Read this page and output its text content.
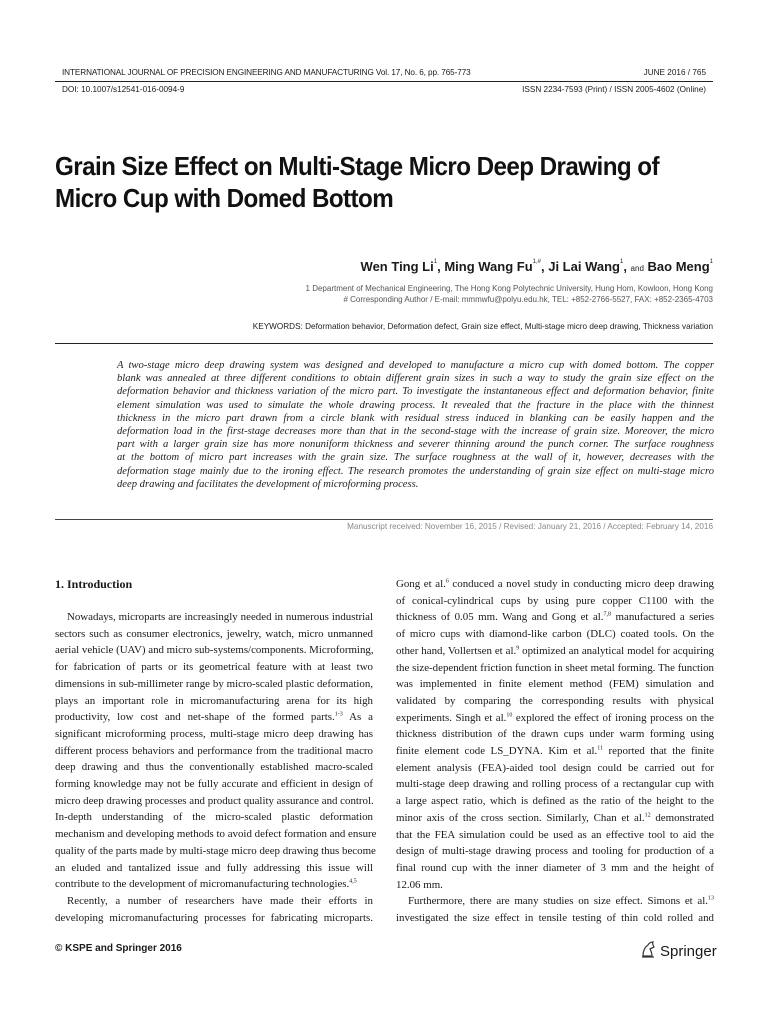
INTERNATIONAL JOURNAL OF PRECISION ENGINEERING AND MANUFACTURING Vol. 17, No. 6, pp. 765-773	JUNE 2016 / 765
DOI: 10.1007/s12541-016-0094-9	ISSN 2234-7593 (Print) / ISSN 2005-4602 (Online)
Grain Size Effect on Multi-Stage Micro Deep Drawing of
Micro Cup with Domed Bottom
Wen Ting Li$^1$, Ming Wang $Fu^{1,\#}$, Ji Lai Wang$^1$, and Bao Meng$^1$
1 Department of Mechanical Engineering, The Hong Kong Polytechnic University, Hung Hom, Kowloon, Hong Kong
# Corresponding Author / E-mail: mmmwfu@polyu.edu.hk, TEL: +852-2766-5527, FAX: +852-2365-4703
KEYWORDS: Deformation behavior, Deformation defect, Grain size effect, Multi-stage micro deep drawing, Thickness variation
A two-stage micro deep drawing system was designed and developed to manufacture a micro cup with domed bottom. The copper
blank was annealed at three different conditions to obtain different grain sizes in such a way to study the grain size effect on the
deformation behavior and thickness variation of the micro part. To investigate the instantaneous effect and deformation behavior, finite
element simulation was used to simulate the whole drawing process. It revealed that the fracture in the place with the thinnest
thickness in the micro part drawn from a circle blank with residual stress induced in blanking can be easily happen and the
deformation load in the first-stage decreases more than that in the second-stage with the increase of grain size. Moreover, the micro
part with a larger grain size has more nonuniform thickness and severer thinning around the punch corner. The surface roughness
at the bottom of micro part increases with the grain size. The surface roughness at the wall of it, however, decreases with the
deformation stage mainly due to the ironing effect. The research promotes the understanding of grain size effect on multi-stage micro
deep drawing and facilitates the development of microforming process.
Manuscript received: November 16, 2015 / Revised: January 21, 2016 / Accepted: February 14, 2016
1. Introduction
Nowadays, microparts are increasingly needed in numerous industrial
sectors such as consumer electronics, jewelry, watch, micro unmanned
aerial vehicle (UAV) and micro sub-systems/components. Microforming,
for fabrication of parts or its geometrical feature with at least two
dimensions in sub-millimeter range by micro-scaled plastic deformation,
plays an important role in micromanufacturing arena for its high
productivity, low cost and net-shape of the formed parts.$^{1-3}$ As a
significant microforming process, multi-stage micro deep drawing has
different process behaviors and performance from the traditional macro
deep drawing and thus the conventionally established macro-scaled
forming knowledge may not be fully accurate and efficient in design of
micro deep drawing processes and product quality assurance and control.
In-depth understanding of the micro-scaled plastic deformation
mechanism and developing methods to avoid defect formation and ensure
quality of the parts made by multi-stage micro deep drawing thus become
an eluded and tantalized issue and fully addressing this issue will
contribute to the development of micromanufacturing technologies.$^{4,5}$
Recently, a number of researchers have made their efforts in
developing micromanufacturing processes for fabricating microparts.
Gong et al.$^6$ conduced a novel study in conducting micro deep drawing
of conical-cylindrical cups by using pure copper C1100 with the
thickness of 0.05 mm. Wang and Gong et al.$^{7,8}$ manufactured a series
of micro cups with diamond-like carbon (DLC) coated tools. On the
other hand, Vollertsen et al.$^9$ optimized an analytical model for acquiring
the size-dependent friction function in sheet metal forming. The function
was implemented in finite element method (FEM) simulation and
validated by comparing the corresponding results with physical
experiments. Singh et al.$^{10}$ explored the effect of ironing process on the
thickness distribution of the drawn cups under warm forming using
finite element code LS_DYNA. Kim et al.$^{11}$ reported that the finite
element analysis (FEA)-aided tool design could be carried out for
multi-stage deep drawing and rolling process of a rectangular cup with
a large aspect ratio, which is defined as the ratio of the height to the
minor axis of the cross section. Similarly, Chan et al.$^{12}$ demonstrated
that the FEA simulation could be used as an effective tool to aid the
design of multi-stage drawing process and tooling for production of a
final round cup with the inner diameter of 3 mm and the height of
12.06 mm.
Furthermore, there are many studies on size effect. Simons et al.$^{13}$
investigated the size effect in tensile testing of thin cold rolled and
© KSPE and Springer 2016	Springer
